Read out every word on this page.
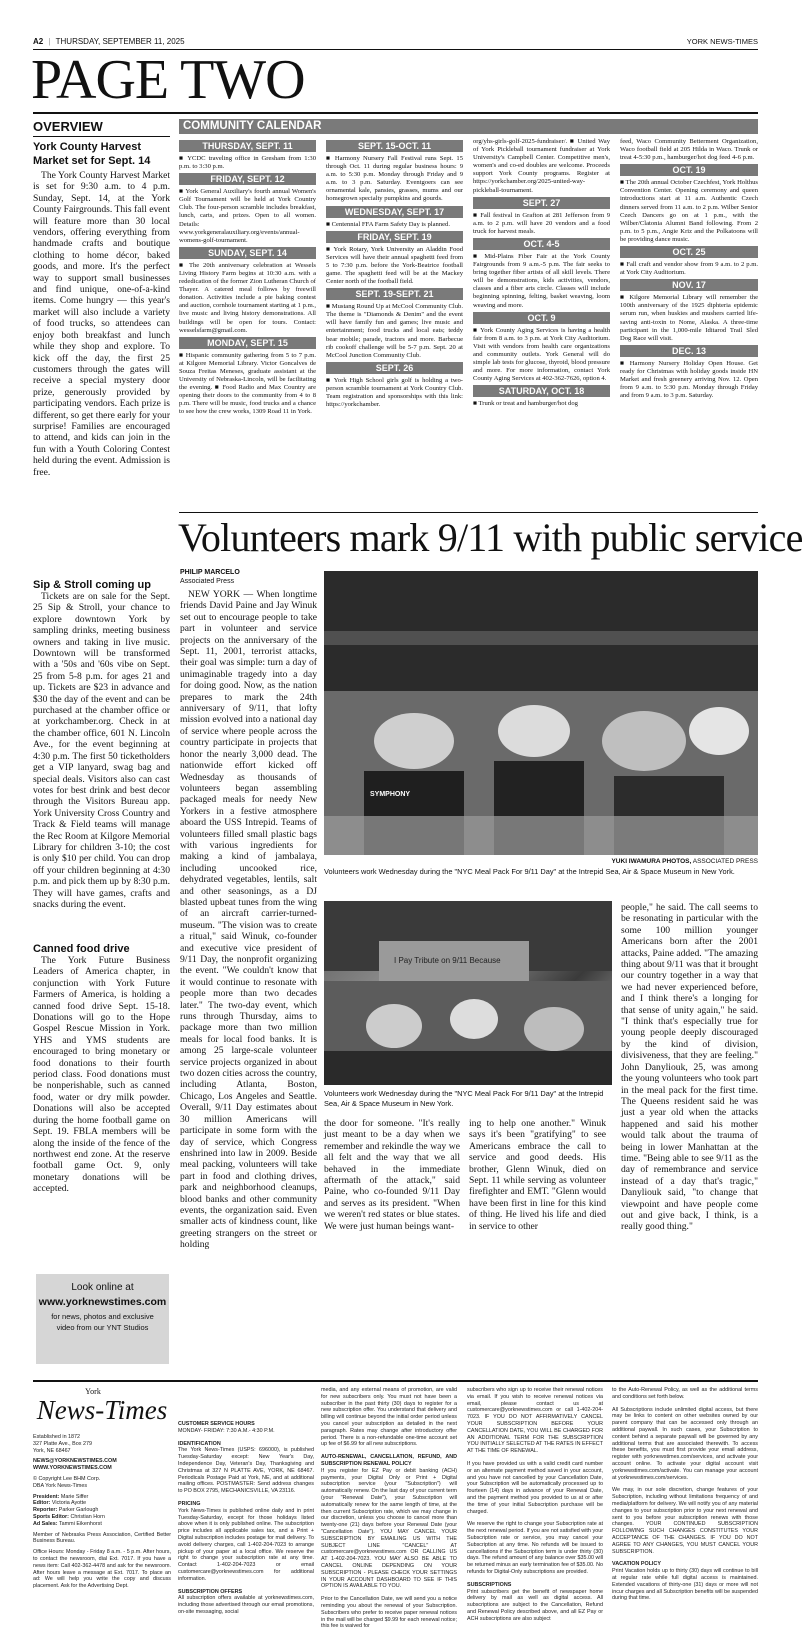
A2 | THURSDAY, SEPTEMBER 11, 2025	YORK NEWS-TIMES
PAGE TWO
OVERVIEW
York County Harvest Market set for Sept. 14
The York County Harvest Market is set for 9:30 a.m. to 4 p.m. Sunday, Sept. 14, at the York County Fairgrounds. This fall event will feature more than 30 local vendors, offering everything from handmade crafts and boutique clothing to home décor, baked goods, and more. It's the perfect way to support small businesses and find unique, one-of-a-kind items. Come hungry — this year's market will also include a variety of food trucks, so attendees can enjoy both breakfast and lunch while they shop and explore. To kick off the day, the first 25 customers through the gates will receive a special mystery door prize, generously provided by participating vendors. Each prize is different, so get there early for your surprise! Families are encouraged to attend, and kids can join in the fun with a Youth Coloring Contest held during the event. Admission is free.
Sip & Stroll coming up
Tickets are on sale for the Sept. 25 Sip & Stroll, your chance to explore downtown York by sampling drinks, meeting business owners and taking in live music. Downtown will be transformed with a '50s and '60s vibe on Sept. 25 from 5-8 p.m. for ages 21 and up. Tickets are $23 in advance and $30 the day of the event and can be purchased at the chamber office or at yorkchamber.org. Check in at the chamber office, 601 N. Lincoln Ave., for the event beginning at 4:30 p.m. The first 50 ticketholders get a VIP lanyard, swag bag and special deals. Visitors also can cast votes for best drink and best decor through the Visitors Bureau app. York University Cross Country and Track & Field teams will manage the Rec Room at Kilgore Memorial Library for children 3-10; the cost is only $10 per child. You can drop off your children beginning at 4:30 p.m. and pick them up by 8:30 p.m. They will have games, crafts and snacks during the event.
Canned food drive
The York Future Business Leaders of America chapter, in conjunction with York Future Farmers of America, is holding a canned food drive Sept. 15-18. Donations will go to the Hope Gospel Rescue Mission in York. YHS and YMS students are encouraged to bring monetary or food donations to their fourth period class. Food donations must be nonperishable, such as canned food, water or dry milk powder. Donations will also be accepted during the home football game on Sept. 19. FBLA members will be along the inside of the fence of the northwest end zone. At the reserve football game Oct. 9, only monetary donations will be accepted.
Look online at
www.yorknewstimes.com
for news, photos and exclusive
video from our YNT Studios
COMMUNITY CALENDAR
THURSDAY, SEPT. 11
■ YCDC traveling office in Gresham from 1:30 p.m. to 3:30 p.m.
FRIDAY, SEPT. 12
■ York General Auxiliary's fourth annual Women's Golf Tournament will be held at York Country Club. The four-person scramble includes breakfast, lunch, carts, and prizes. Open to all women. Details: www.yorkgeneralauxiliary.org/events/annual-womens-golf-tournament.
SUNDAY, SEPT. 14
■ The 20th anniversary celebration at Wessels Living History Farm begins at 10:30 a.m. with a rededication of the former Zion Lutheran Church of Thayer. A catered meal follows by freewill donation. Activities include a pie baking contest and auction, cornhole tournament starting at 1 p.m., live music and living history demonstrations. All buildings will be open for tours. Contact: wesselsfarm@gmail.com.
MONDAY, SEPT. 15
■ Hispanic community gathering from 5 to 7 p.m. at Kilgore Memorial Library. Victor Goncalves de Souza Freitas Meneses, graduate assistant at the University of Nebraska-Lincoln, will be facilitating the evening. ■ Food Radio and Max Country are opening their doors to the community from 4 to 8 p.m. There will be music, food trucks and a chance to see how the crew works, 1309 Road 11 in York.
SEPT. 15-OCT. 11
■ Harmony Nursery Fall Festival runs Sept. 15 through Oct. 11 during regular business hours: 9 a.m. to 5:30 p.m. Monday through Friday and 9 a.m. to 3 p.m. Saturday. Eventgoers can see ornamental kale, pansies, grasses, mums and our homegrown specialty pumpkins and gourds.
WEDNESDAY, SEPT. 17
■ Centennial FFA Farm Safety Day is planned.
FRIDAY, SEPT. 19
■ York Rotary, York University an Aladdin Food Services will have their annual spaghetti feed from 5 to 7:30 p.m. before the York-Beatrice football game. The spaghetti feed will be at the Mackey Center north of the football field.
SEPT. 19-SEPT. 21
■ Mustang Round Up at McCool Community Club. The theme is "Diamonds & Denim" and the event will have family fun and games; live music and entertainment; food trucks and local eats; teddy bear mobile; parade, tractors and more. Barbecue rib cookoff challenge will be 5-7 p.m. Sept. 20 at McCool Junction Community Club.
SEPT. 26
■ York High School girls golf is holding a two-person scramble tournament at York Country Club. Team registration and sponsorships with this link: https://yorkchamber.
org/yhs-girls-golf-2025-fundraiser/. ■ United Way of York Pickleball tournament fundraiser at York University's Campbell Center. Competitive men's, women's and co-ed doubles are welcome. Proceeds support York County programs. Register at https://yorkchamber.org/2025-united-way-pickleball-tournament.
SEPT. 27
■ Fall festival in Grafton at 281 Jefferson from 9 a.m. to 2 p.m. will have 20 vendors and a food truck for harvest meals.
OCT. 4-5
■ Mid-Plains Fiber Fair at the York County Fairgrounds from 9 a.m.-5 p.m. The fair seeks to bring together fiber artists of all skill levels. There will be demonstrations, kids activities, vendors, classes and a fiber arts circle. Classes will include beginning spinning, felting, basket weaving, loom weaving and more.
OCT. 9
■ York County Aging Services is having a health fair from 8 a.m. to 3 p.m. at York City Auditorium. Visit with vendors from health care organizations and community outlets. York General will do simple lab tests for glucose, thyroid, blood pressure and more. For more information, contact York County Aging Services at 402-362-7626, option 4.
SATURDAY, OCT. 18
■ Trunk or treat and hamburger/hot dog
feed, Waco Community Betterment Organization, Waco football field at 205 Hilda in Waco. Trunk or treat 4-5:30 p.m., hamburger/hot dog feed 4-6 p.m.
OCT. 19
■ The 20th annual October Czechfest, York Holthus Convention Center. Opening ceremony and queen introductions start at 11 a.m. Authentic Czech dinners served from 11 a.m. to 2 p.m. Wilber Senior Czech Dancers go on at 1 p.m., with the Wilber/Clatonia Alumni Band following. From 2 p.m. to 5 p.m., Angie Kriz and the Polkatoons will be providing dance music.
OCT. 25
■ Fall craft and vendor show from 9 a.m. to 2 p.m. at York City Auditorium.
NOV. 17
■ Kilgore Memorial Library will remember the 100th anniversary of the 1925 diphteria epidemic serum run, when huskies and mushers carried life-saving anti-toxin to Nome, Alaska. A three-time participant in the 1,000-mile Iditarod Trail Sled Dog Race will visit.
DEC. 13
■ Harmony Nursery Holiday Open House. Get ready for Christmas with holiday goods inside HN Market and fresh greenery arriving Nov. 12. Open from 9 a.m. to 5:30 p.m. Monday through Friday and from 9 a.m. to 3 p.m. Saturday.
Volunteers mark 9/11 with public service
PHILIP MARCELO
Associated Press
NEW YORK — When longtime friends David Paine and Jay Winuk set out to encourage people to take part in volunteer and service projects on the anniversary of the Sept. 11, 2001, terrorist attacks, their goal was simple: turn a day of unimaginable tragedy into a day for doing good. Now, as the nation prepares to mark the 24th anniversary of 9/11, that lofty mission evolved into a national day of service where people across the country participate in projects that honor the nearly 3,000 dead. The nationwide effort kicked off Wednesday as thousands of volunteers began assembling packaged meals for needy New Yorkers in a festive atmosphere aboard the USS Intrepid. Teams of volunteers filled small plastic bags with various ingredients for making a kind of jambalaya, including uncooked rice, dehydrated vegetables, lentils, salt and other seasonings, as a DJ blasted upbeat tunes from the wing of an aircraft carrier-turned-museum. "The vision was to create a ritual," said Winuk, co-founder and executive vice president of 9/11 Day, the nonprofit organizing the event. "We couldn't know that it would continue to resonate with people more than two decades later." The two-day event, which runs through Thursday, aims to package more than two million meals for local food banks. It is among 25 large-scale volunteer service projects organized in about two dozen cities across the country, including Atlanta, Boston, Chicago, Los Angeles and Seattle. Overall, 9/11 Day estimates about 30 million Americans will participate in some form with the day of service, which Congress enshrined into law in 2009. Beside meal packing, volunteers will take part in food and clothing drives, park and neighborhood cleanups, blood banks and other community events, the organization said. Even smaller acts of kindness count, like greeting strangers on the street or holding
SYMPHONY
YUKI IWAMURA PHOTOS, ASSOCIATED PRESS
Volunteers work Wednesday during the "NYC Meal Pack For 9/11 Day" at the Intrepid Sea, Air & Space Museum in New York.
I Pay Tribute on 9/11 Because
Volunteers work Wednesday during the "NYC Meal Pack For 9/11 Day" at the Intrepid Sea, Air & Space Museum in New York.
the door for someone. "It's really just meant to be a day when we remember and rekindle the way we all felt and the way that we all behaved in the immediate aftermath of the attack," said Paine, who co-founded 9/11 Day and serves as its president. "When we weren't red states or blue states. We were just human beings want-
ing to help one another." Winuk says it's been "gratifying" to see Americans embrace the call to service and good deeds. His brother, Glenn Winuk, died on Sept. 11 while serving as volunteer firefighter and EMT. "Glenn would have been first in line for this kind of thing. He lived his life and died in service to other
people," he said. The call seems to be resonating in particular with the some 100 million younger Americans born after the 2001 attacks, Paine added. "The amazing thing about 9/11 was that it brought our country together in a way that we had never experienced before, and I think there's a longing for that sense of unity again," he said. "I think that's especially true for young people deeply discouraged by the kind of division, divisiveness, that they are feeling." John Danyliouk, 25, was among the young volunteers who took part in the meal pack for the first time. The Queens resident said he was just a year old when the attacks happened and said his mother would talk about the trauma of being in lower Manhattan at the time. "Being able to see 9/11 as the day of remembrance and service instead of a day that's tragic," Danyliouk said, "to change that viewpoint and have people come out and give back, I think, is a really good thing."
York
News-Times
Established in 1872
327 Platte Ave., Box 279
York, NE 68467
NEWS@YORKNEWSTIMES.COM
WWW.YORKNEWSTIMES.COM
© Copyright Lee BHM Corp.
DBA York News-Times
President: Marie Siffer
Editor: Victoria Ayotte
Reporter: Parker Garlough
Sports Editor: Christian Horn
Ad Sales: Tammi Eikenhorst
Member of Nebraska Press Association, Certified Better Business Bureau.
Office Hours: Monday - Friday 8 a.m. - 5 p.m. After hours, to contact the newsroom, dial Ext. 7017. If you have a news item: Call 402-362-4478 and ask for the newsroom. After hours leave a message at Ext. 7017. To place an ad: We will help you write the copy and discuss placement. Ask for the Advertising Dept.
CUSTOMER SERVICE HOURS
MONDAY- FRIDAY: 7:30 A.M.- 4:30 P.M.
IDENTIFICATION
The York News-Times (USPS: 696000), is published Tuesday-Saturday except: New Year's Day, Independence Day, Veteran's Day, Thanksgiving and Christmas at 327 N PLATTE AVE, YORK, NE 68467. Periodicals Postage Paid at York, NE, and at additional mailing offices. POSTMASTER: Send address changes to PO BOX 2795, MECHANICSVILLE, VA 23116.
PRICING
York News-Times is published online daily and in print Tuesday-Saturday, except for those holidays listed above when it is only published online. The subscription price includes all applicable sales tax, and a Print + Digital subscription includes postage for mail delivery. To avoid delivery charges, call 1-402-204-7023 to arrange pickup of your paper at a local office. We reserve the right to change your subscription rate at any time. Contact 1-402-204-7023 or email customercare@yorknewstimes.com for additional information.
SUBSCRIPTION OFFERS
All subscription offers available at yorknewstimes.com, including those advertised through our email promotions, on-site messaging, social
media, and any external means of promotion, are valid for new subscribers only. You must not have been a subscriber in the past thirty (30) days to register for a new subscription offer. You understand that delivery and billing will continue beyond the initial order period unless you cancel your subscription as detailed in the next paragraph. Rates may change after introductory offer period. There is a non-refundable one-time account set up fee of $6.99 for all new subscriptions.
AUTO-RENEWAL, CANCELLATION, REFUND, AND SUBSCRIPTION RENEWAL POLICY
If you register for EZ Pay or debit banking (ACH) payments, your Digital Only or Print + Digital subscription service (your "Subscription") will automatically renew. On the last day of your current term (your "Renewal Date"), your Subscription will automatically renew for the same length of time, at the then current Subscription rate, which we may change in our discretion, unless you choose to cancel more than twenty-one (21) days before your Renewal Date (your "Cancellation Date"). YOU MAY CANCEL YOUR SUBSCRIPTION BY EMAILING US WITH THE SUBJECT LINE "CANCEL" AT customercare@yorknewstimes.com OR CALLING US AT 1-402-204-7023. YOU MAY ALSO BE ABLE TO CANCEL ONLINE DEPENDING ON YOUR SUBSCRIPTION - PLEASE CHECK YOUR SETTINGS IN YOUR ACCOUNT DASHBOARD TO SEE IF THIS OPTION IS AVAILABLE TO YOU.
Prior to the Cancellation Date, we will send you a notice reminding you about the renewal of your Subscription. Subscribers who prefer to receive paper renewal notices in the mail will be charged $9.99 for each renewal notice; this fee is waived for
subscribers who sign up to receive their renewal notices via email. If you wish to receive renewal notices via email, please contact us at customercare@yorknewstimes.com or call 1-402-204-7023. IF YOU DO NOT AFFIRMATIVELY CANCEL YOUR SUBSCRIPTION BEFORE YOUR CANCELLATION DATE, YOU WILL BE CHARGED FOR AN ADDITIONAL TERM FOR THE SUBSCRIPTION YOU INITIALLY SELECTED AT THE RATES IN EFFECT AT THE TIME OF RENEWAL.
If you have provided us with a valid credit card number or an alternate payment method saved in your account, and you have not cancelled by your Cancellation Date, your Subscription will be automatically processed up to fourteen (14) days in advance of your Renewal Date, and the payment method you provided to us at or after the time of your initial Subscription purchase will be charged.
We reserve the right to change your Subscription rate at the next renewal period. If you are not satisfied with your Subscription rate or service, you may cancel your Subscription at any time. No refunds will be issued to cancellations if the Subscription term is under thirty (30) days. The refund amount of any balance over $35.00 will be returned minus an early termination fee of $35.00. No refunds for Digital-Only subscriptions are provided.
SUBSCRIPTIONS
Print subscribers get the benefit of newspaper home delivery by mail as well as digital access. All subscriptions are subject to the Cancellation, Refund and Renewal Policy described above, and all EZ Pay or ACH subscriptions are also subject
to the Auto-Renewal Policy, as well as the additional terms and conditions set forth below.
All Subscriptions include unlimited digital access, but there may be links to content on other websites owned by our parent company that can be accessed only through an additional paywall. In such cases, your Subscription to content behind a separate paywall will be governed by any additional terms that are associated therewith. To access these benefits, you must first provide your email address, register with yorknewstimes.com/services, and activate your account online. To activate your digital account visit yorknewstimes.com/activate. You can manage your account at yorknewstimes.com/services.
We may, in our sole discretion, change features of your Subscription, including without limitations frequency of and media/platform for delivery. We will notify you of any material changes to your subscription prior to your next renewal and sent to you before your subscription renews with those changes. YOUR CONTINUED SUBSCRIPTION FOLLOWING SUCH CHANGES CONSTITUTES YOUR ACCEPTANCE OF THE CHANGES. IF YOU DO NOT AGREE TO ANY CHANGES, YOU MUST CANCEL YOUR SUBSCRIPTION.
VACATION POLICY
Print Vacation holds up to thirty (30) days will continue to bill at regular rate while full digital access is maintained. Extended vacations of thirty-one (31) days or more will not incur charges and all Subscription benefits will be suspended during that time.
